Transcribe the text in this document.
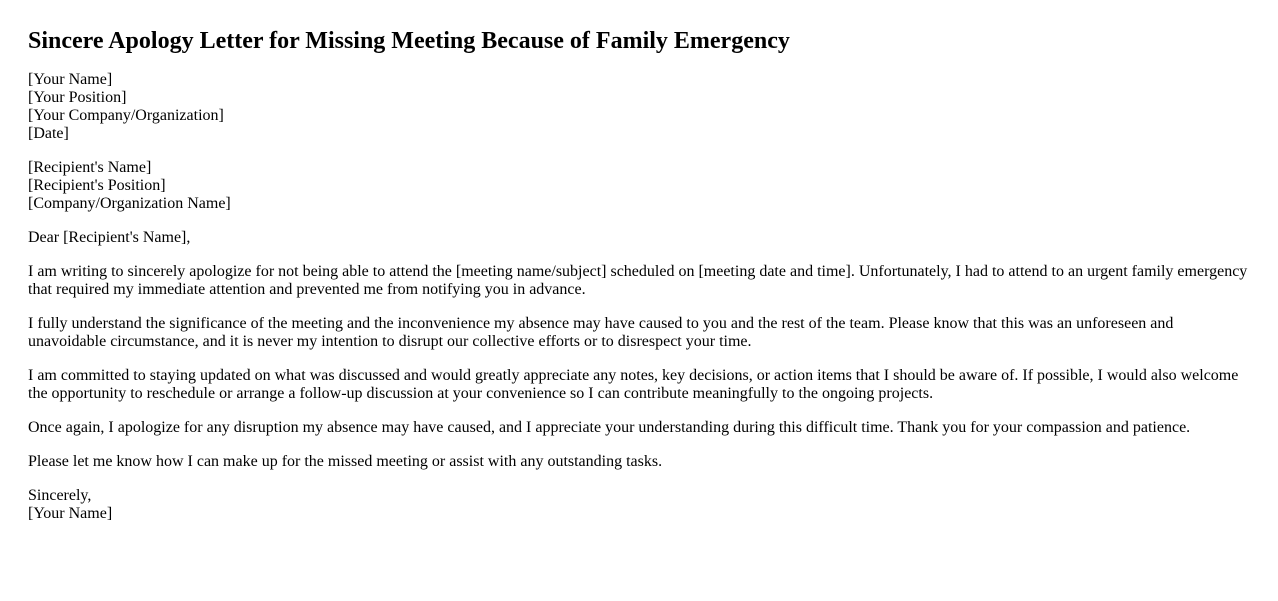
Sincere Apology Letter for Missing Meeting Because of Family Emergency

[Your Name]
[Your Position]
[Your Company/Organization]
[Date]

[Recipient's Name]
[Recipient's Position]
[Company/Organization Name]

Dear [Recipient's Name],

I am writing to sincerely apologize for not being able to attend the [meeting name/subject] scheduled on [meeting date and time]. Unfortunately, I had to attend to an urgent family emergency that required my immediate attention and prevented me from notifying you in advance.

I fully understand the significance of the meeting and the inconvenience my absence may have caused to you and the rest of the team. Please know that this was an unforeseen and unavoidable circumstance, and it is never my intention to disrupt our collective efforts or to disrespect your time.

I am committed to staying updated on what was discussed and would greatly appreciate any notes, key decisions, or action items that I should be aware of. If possible, I would also welcome the opportunity to reschedule or arrange a follow-up discussion at your convenience so I can contribute meaningfully to the ongoing projects.

Once again, I apologize for any disruption my absence may have caused, and I appreciate your understanding during this difficult time. Thank you for your compassion and patience.

Please let me know how I can make up for the missed meeting or assist with any outstanding tasks.

Sincerely,
[Your Name]
